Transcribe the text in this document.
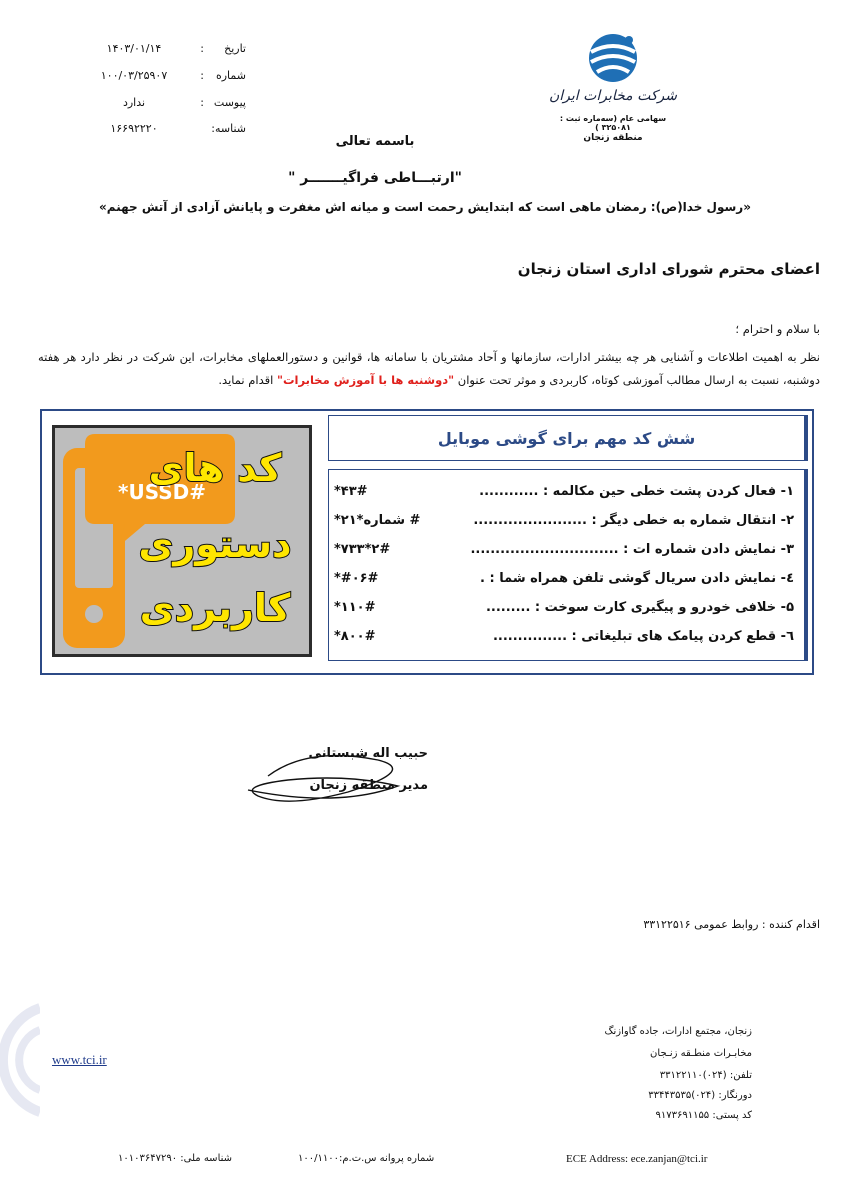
تاریخ
:
۱۴۰۳/۰۱/۱۴
شماره
:
۱۰۰/۰۳/۲۵۹۰۷
پیوست
:
ندارد
شناسه:
۱۶۶۹۲۲۲۰
شرکت مخابرات ایران
سهامی عام (سه‌ماره ثبت : ۳۲۵۰۸۱ )
منطقه زنجان
باسمه تعالی
"ارتبـــاطی فراگیـــــــر "
«رسول خدا(ص): رمضان ماهی است که ابتدایش رحمت است و میانه اش مغفرت و پایانش آزادی از آتش جهنم»
اعضای محترم شورای اداری استان زنجان
با سلام و احترام ؛
نظر به اهمیت اطلاعات و آشنایی هر چه بیشتر ادارات، سازمانها و آحاد مشتریان با سامانه ها، قوانین و دستورالعملهای مخابرات، این شرکت در نظر دارد هر هفته دوشنبه، نسبت به ارسال مطالب آموزشی کوتاه، کاربردی و موثر تحت عنوان "دوشنبه ها با آموزش مخابرات" اقدام نماید.
شش کد مهم برای گوشی موبایل
۱- فعال کردن پشت خطی حین مکالمه : ............
*۴۳#
۲- انتقال شماره به خطی دیگر : .......................
*۲۱*شماره #
۳- نمایش دادن شماره ات : ..............................
*۷۳۳*۲#
٤- نمایش دادن سریال گوشی تلفن همراه شما : .
*#۰۶#
۵- خلافی خودرو و پیگیری کارت سوخت : .........
*۱۱۰#
٦- قطع کردن پیامک های تبلیغاتی : ...............
*۸۰۰#
*USSD#
کد های
دستوری
کاربردی
حبیب اله شبستانی
مدیر منطقه زنجان
اقدام کننده : روابط عمومی ۳۳۱۲۲۵۱۶
www.tci.ir
زنجان، مجتمع ادارات، جاده گاوازنگ
مخابـرات منطـقه زنـجان
تلفن: (۰۲۴)۳۳۱۲۲۱۱۰
دورنگار: (۰۲۴)۳۳۴۴۳۵۳۵
کد پستی: ۹۱۷۳۶۹۱۱۵۵
ECE Address: ece.zanjan@tci.ir
شماره پروانه س.ت.م:۱۰۰/۱۱۰۰
شناسه ملی: ۱۰۱۰۳۶۴۷۲۹۰
